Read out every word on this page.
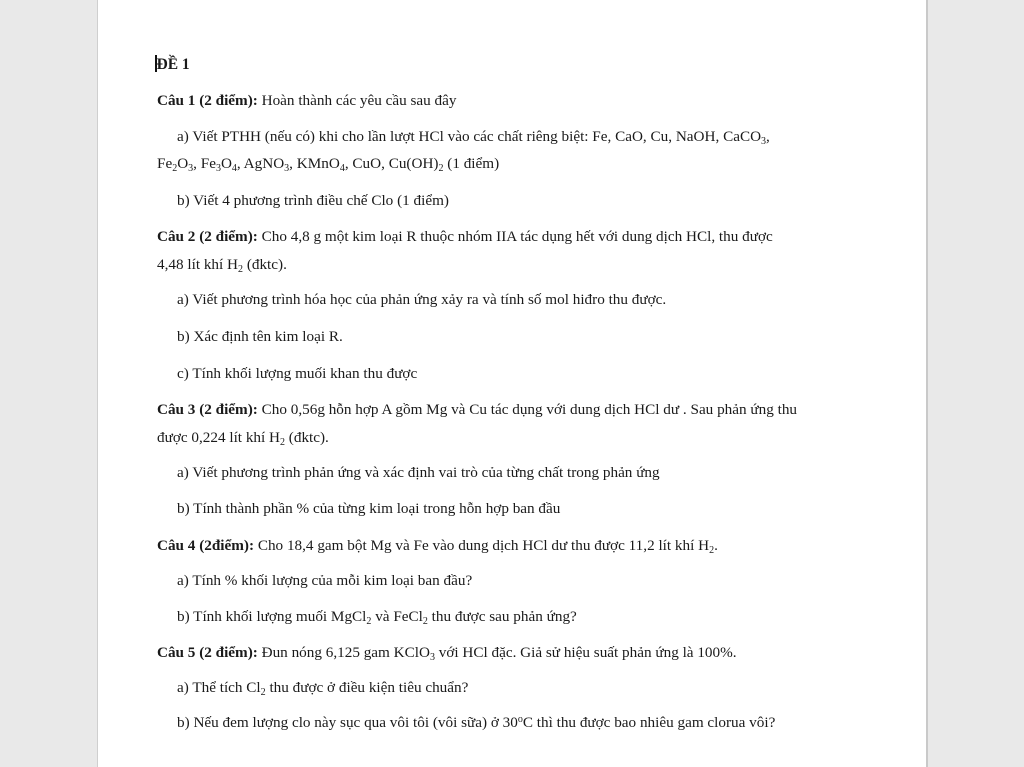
ĐỀ 1
Câu 1 (2 điểm): Hoàn thành các yêu cầu sau đây
a) Viết PTHH (nếu có) khi cho lần lượt HCl vào các chất riêng biệt: Fe, CaO, Cu, NaOH, CaCO$_3$,
$Fe_2O_3$, $Fe_3O_4$, AgNO$_3$, KMnO$_4$, CuO, $Cu(OH)_2$ (1 điểm)
b) Viết 4 phương trình điều chế Clo (1 điểm)
Câu 2 (2 điểm): Cho 4,8 g một kim loại R thuộc nhóm IIA tác dụng hết với dung dịch HCl, thu được
4,48 lít khí $H_2$ (đktc).
a) Viết phương trình hóa học của phản ứng xảy ra và tính số mol hiđro thu được.
b) Xác định tên kim loại R.
c) Tính khối lượng muối khan thu được
Câu 3 (2 điểm): Cho 0,56g hỗn hợp A gồm Mg và Cu tác dụng với dung dịch HCl dư . Sau phản ứng thu
được 0,224 lít khí $H_2$ (đktc).
a) Viết phương trình phản ứng và xác định vai trò của từng chất trong phản ứng
b) Tính thành phần % của từng kim loại trong hỗn hợp ban đầu
Câu 4 (2điểm): Cho 18,4 gam bột Mg và Fe vào dung dịch HCl dư thu được 11,2 lít khí $H_2$.
a) Tính % khối lượng của mỗi kim loại ban đầu?
b) Tính khối lượng muối MgCl$_2$ và FeCl$_2$ thu được sau phản ứng?
Câu 5 (2 điểm): Đun nóng 6,125 gam KClO$_3$ với HCl đặc. Giả sử hiệu suất phản ứng là 100%.
a) Thể tích $Cl_2$ thu được ở điều kiện tiêu chuẩn?
b) Nếu đem lượng clo này sục qua vôi tôi (vôi sữa) ở 30$^o$C thì thu được bao nhiêu gam clorua vôi?
